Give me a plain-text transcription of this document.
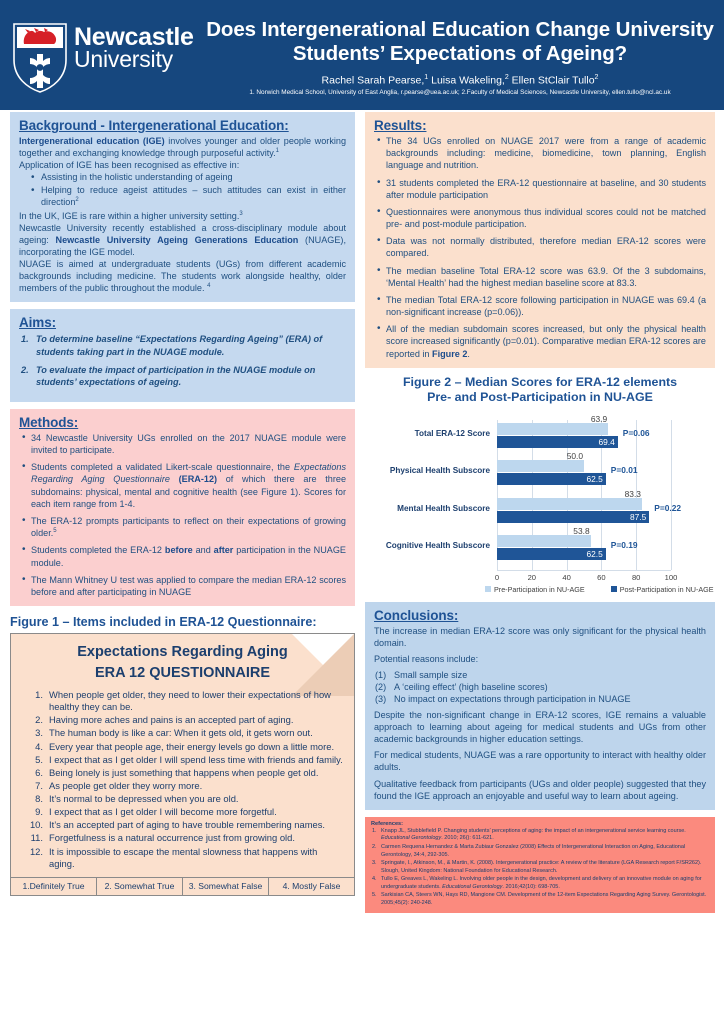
Newcastle
University
Does Intergenerational Education Change University Students’ Expectations of Ageing?
Rachel Sarah Pearse,$^1$ Luisa Wakeling,$^2$ Ellen StClair Tullo$^2$
1. Norwich Medical School, University of East Anglia, r.pearse@uea.ac.uk; 2.Faculty of Medical Sciences, Newcastle University, ellen.tullo@ncl.ac.uk
Background - Intergenerational Education:

Intergenerational education (IGE) involves younger and older people working together and exchanging knowledge through purposeful activity.$^1$

Application of IGE has been recognised as effective in:

• Assisting in the holistic understanding of ageing
• Helping to reduce ageist attitudes – such attitudes can exist in either direction$^2$

In the UK, IGE is rare within a higher university setting.$^3$

Newcastle University recently established a cross-disciplinary module about ageing: Newcastle University Ageing Generations Education (NUAGE), incorporating the IGE model.

NUAGE is aimed at undergraduate students (UGs) from different academic backgrounds including medicine. The students work alongside healthy, older members of the public throughout the module. $^4$

Aims:
1. To determine baseline “Expectations Regarding Ageing” (ERA) of students taking part in the NUAGE module.
2. To evaluate the impact of participation in the NUAGE module on students’ expectations of ageing.
Methods:
• 34 Newcastle University UGs enrolled on the 2017 NUAGE module were invited to participate.
• Students completed a validated Likert-scale questionnaire, the Expectations Regarding Aging Questionnaire (ERA-12) of which there are three subdomains: physical, mental and cognitive health (see Figure 1). Scores for each item range from 1-4.
• The ERA-12 prompts participants to reflect on their expectations of growing older.$^5$
• Students completed the ERA-12 before and after participation in the NUAGE module.
• The Mann Whitney U test was applied to compare the median ERA-12 scores before and after participating in NUAGE
Figure 1 – Items included in ERA-12 Questionnaire:
Expectations Regarding Aging
ERA 12 QUESTIONNAIRE
1. When people get older, they need to lower their expectations of how healthy they can be.
2. Having more aches and pains is an accepted part of aging.
3. The human body is like a car: When it gets old, it gets worn out.
4. Every year that people age, their energy levels go down a little more.
5. I expect that as I get older I will spend less time with friends and family.
6. Being lonely is just something that happens when people get old.
7. As people get older they worry more.
8. It’s normal to be depressed when you are old.
9. I expect that as I get older I will become more forgetful.
10. It’s an accepted part of aging to have trouble remembering names.
11. Forgetfulness is a natural occurrence just from growing old.
12. It is impossible to escape the mental slowness that happens with aging.
1.Definitely True	2. Somewhat True	3. Somewhat False	4. Mostly False
Results:
• The 34 UGs enrolled on NUAGE 2017 were from a range of academic backgrounds including: medicine, biomedicine, town planning, English language and nutrition.
• 31 students completed the ERA-12 questionnaire at baseline, and 30 students after module participation
• Questionnaires were anonymous thus individual scores could not be matched pre- and post-module participation.
• Data was not normally distributed, therefore median ERA-12 scores were compared.
• The median baseline Total ERA-12 score was 63.9. Of the 3 subdomains, ‘Mental Health’ had the highest median baseline score at 83.3.
• The median Total ERA-12 score following participation in NUAGE was 69.4 (a non-significant increase (p=0.06)).
• All of the median subdomain scores increased, but only the physical health score increased significantly (p=0.01). Comparative median ERA-12 scores are reported in Figure 2.
Figure 2 – Median Scores for ERA-12 elements
Pre- and Post-Participation in NU-AGE
Total ERA-12 Score
63.9
69.4
P=0.06
Physical Health Subscore
50.0
62.5
P=0.01
Mental Health Subscore
83.3
87.5
P=0.22
Cognitive Health Subscore
53.8
62.5
P=0.19
0	20	40	60	80	100
Pre-Participation in NU-AGE	Post-Participation in NU-AGE
Conclusions:

The increase in median ERA-12 score was only significant for the physical health domain.

Potential reasons include:

(1) Small sample size
(2) A ‘ceiling effect’ (high baseline scores)
(3) No impact on expectations through participation in NUAGE

Despite the non-significant change in ERA-12 scores, IGE remains a valuable approach to learning about ageing for medical students and UGs from other academic backgrounds in higher education settings.

For medical students, NUAGE was a rare opportunity to interact with healthy older adults.

Qualitative feedback from participants (UGs and older people) suggested that they found the IGE approach an enjoyable and useful way to learn about ageing.

References:
1. Knapp JL, Stubblefield P. Changing students’ perceptions of aging: the impact of an intergenerational service learning course. Educational Gerontology. 2010; 26(): 611-621.
2. Carmen Requena Hernandez & Marta Zubiaur Gonzalez (2008) Effects of Intergenerational Interaction on Aging, Educational Gerontology, 34:4, 292-305.
3. Springate, I., Atkinson, M., & Martin, K. (2008). Intergenerational practice: A review of the literature (LGA Research report F/SR262). Slough, United Kingdom: National Foundation for Educational Research.
4. Tullo E, Greaves L, Wakeling L. Involving older people in the design, development and delivery of an innovative module on aging for undergraduate students. Educational Gerontology. 2016;42(10): 698-705.
5. Sarkisian CA, Steers WN, Hays RD, Mangione CM. Development of the 12-item Expectations Regarding Aging Survey. Gerontologist. 2005;45(2): 240-248.
